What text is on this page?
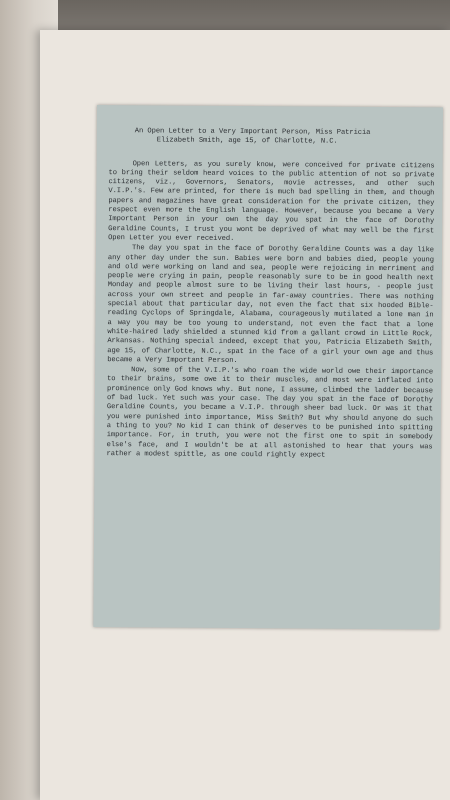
An Open Letter to a Very Important Person, Miss Patricia
Elizabeth Smith, age 15, of Charlotte, N.C.

Open Letters, as you surely know, were conceived for private citizens to bring their seldom heard voices to the public attention of not so private citizens, viz., Governors, Senators, movie actresses, and other such V.I.P.'s. Few are printed, for there is much bad spelling in them, and though papers and magazines have great consideration for the private citizen, they respect even more the English language. However, because you became a Very Important Person in your own the day you spat in the face of Dorothy Geraldine Counts, I trust you wont be deprived of what may well be the first Open Letter you ever received.

The day you spat in the face of Dorothy Geraldine Counts was a day like any other day under the sun. Babies were born and babies died, people young and old were working on land and sea, people were rejoicing in merriment and people were crying in pain, people reasonably sure to be in good health next Monday and people almost sure to be living their last hours, - people just across your own street and people in far-away countries. There was nothing special about that particular day, not even the fact that six hooded Bible-reading Cyclops of Springdale, Alabama, courageously mutilated a lone man in a way you may be too young to understand, not even the fact that a lone white-haired lady shielded a stunned kid from a gallant crowd in Little Rock, Arkansas. Nothing special indeed, except that you, Patricia Elizabeth Smith, age 15, of Charlotte, N.C., spat in the face of a girl your own age and thus became a Very Important Person.

Now, some of the V.I.P.'s who roam the wide world owe their importance to their brains, some owe it to their muscles, and most were inflated into prominence only God knows why. But none, I assume, climbed the ladder because of bad luck. Yet such was your case. The day you spat in the face of Dorothy Geraldine Counts, you became a V.I.P. through sheer bad luck. Or was it that you were punished into importance, Miss Smith? But why should anyone do such a thing to you? No kid I can think of deserves to be punished into spitting importance. For, in truth, you were not the first one to spit in somebody else's face, and I wouldn't be at all astonished to hear that yours was rather a modest spittle, as one could rightly expect
